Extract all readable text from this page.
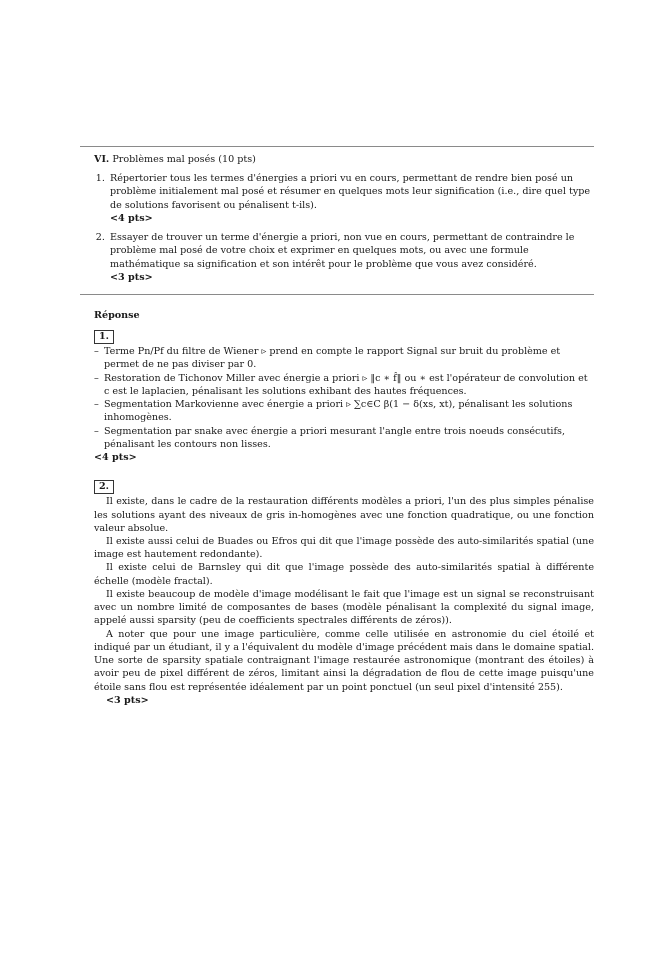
VI. Problèmes mal posés (10 pts)

1. Répertorier tous les termes d'énergies a priori vu en cours, permettant de rendre bien posé un problème initialement mal posé et résumer en quelques mots leur signification (i.e., dire quel type de solutions favorisent ou pénalisent t-ils).
<4 pts>
2. Essayer de trouver un terme d'énergie a priori, non vue en cours, permettant de contraindre le problème mal posé de votre choix et exprimer en quelques mots, ou avec une formule mathématique sa signification et son intérêt pour le problème que vous avez considéré.
<3 pts>

Réponse

1.
– Terme Pn/Pf du filtre de Wiener ▹ prend en compte le rapport Signal sur bruit du problème et permet de ne pas diviser par 0.
– Restoration de Tichonov Miller avec énergie a priori ▹ ‖c ∗ f̂‖ ou ∗ est l'opérateur de convolution et c est le laplacien, pénalisant les solutions exhibant des hautes fréquences.
– Segmentation Markovienne avec énergie a priori ▹ ∑c∈C β(1 − δ(xs, xt), pénalisant les solutions inhomogènes.
– Segmentation par snake avec énergie a priori mesurant l'angle entre trois noeuds consécutifs, pénalisant les contours non lisses.
<4 pts>
2.

Il existe, dans le cadre de la restauration différents modèles a priori, l'un des plus simples pénalise les solutions ayant des niveaux de gris in-homogènes avec une fonction quadratique, ou une fonction valeur absolue.

Il existe aussi celui de Buades ou Efros qui dit que l'image possède des auto-similarités spatial (une image est hautement redondante).

Il existe celui de Barnsley qui dit que l'image possède des auto-similarités spatial à différente échelle (modèle fractal).

Il existe beaucoup de modèle d'image modélisant le fait que l'image est un signal se reconstruisant avec un nombre limité de composantes de bases (modèle pénalisant la complexité du signal image, appelé aussi sparsity (peu de coefficients spectrales différents de zéros)).

A noter que pour une image particulière, comme celle utilisée en astronomie du ciel étoilé et indiqué par un étudiant, il y a l'équivalent du modèle d'image précédent mais dans le domaine spatial. Une sorte de sparsity spatiale contraignant l'image restaurée astronomique (montrant des étoiles) à avoir peu de pixel différent de zéros, limitant ainsi la dégradation de flou de cette image puisqu'une étoile sans flou est représentée idéalement par un point ponctuel (un seul pixel d'intensité 255).

<3 pts>
